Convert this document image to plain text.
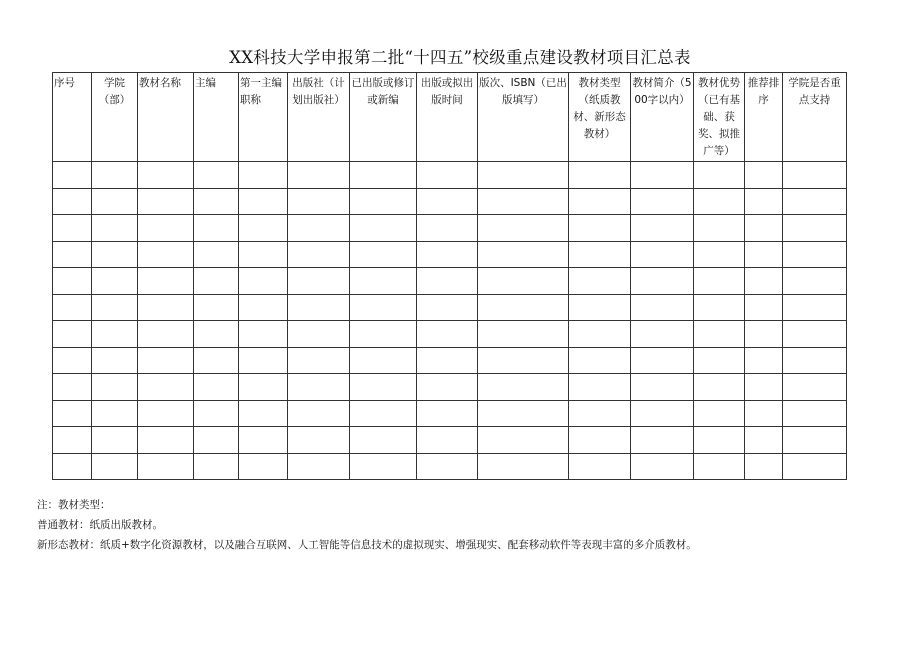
XX科技大学申报第二批“十四五”校级重点建设教材项目汇总表
序号	学院（部）	教材名称	主编	第一主编职称	出版社（计划出版社）	已出版或修订或新编	出版或拟出版时间	版次、ISBN（已出版填写）	教材类型（纸质教材、新形态教材）	教材简介（500字以内）	教材优势（已有基础、获奖、拟推广等）	推荐排序	学院是否重点支持

注：教材类型：
普通教材：纸质出版教材。
新形态教材：纸质+数字化资源教材，以及融合互联网、人工智能等信息技术的虚拟现实、增强现实、配套移动软件等表现丰富的多介质教材。
